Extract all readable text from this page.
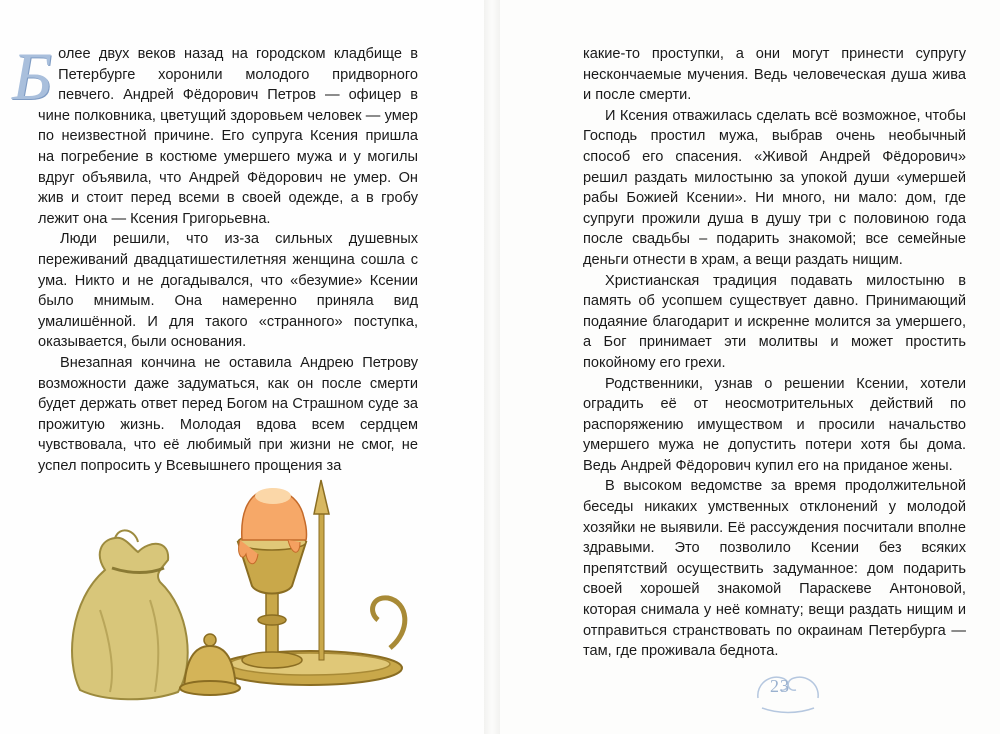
Более двух веков назад на городском кладбище в Петербурге хоронили молодого придворного певчего. Андрей Фёдорович Петров — офицер в чине полковника, цветущий здоровьем человек — умер по неизвестной причине. Его супруга Ксения пришла на погребение в костюме умершего мужа и у могилы вдруг объявила, что Андрей Фёдорович не умер. Он жив и стоит перед всеми в своей одежде, а в гробу лежит она — Ксения Григорьевна.

Люди решили, что из-за сильных душевных переживаний двадцатишестилетняя женщина сошла с ума. Никто и не догадывался, что «безумие» Ксении было мнимым. Она намеренно приняла вид умалишённой. И для такого «странного» поступка, оказывается, были основания.

Внезапная кончина не оставила Андрею Петрову возможности даже задуматься, как он после смерти будет держать ответ перед Богом на Страшном суде за прожитую жизнь. Молодая вдова всем сердцем чувствовала, что её любимый при жизни не смог, не успел попросить у Всевышнего прощения за

какие-то проступки, а они могут принести супругу нескончаемые мучения. Ведь человеческая душа жива и после смерти.

И Ксения отважилась сделать всё возможное, чтобы Господь простил мужа, выбрав очень необычный способ его спасения. «Живой Андрей Фёдорович» решил раздать милостыню за упокой души «умершей рабы Божией Ксении». Ни много, ни мало: дом, где супруги прожили душа в душу три с половиною года после свадьбы – подарить знакомой; все семейные деньги отнести в храм, а вещи раздать нищим.

Христианская традиция подавать милостыню в память об усопшем существует давно. Принимающий подаяние благодарит и искренне молится за умершего, а Бог принимает эти молитвы и может простить покойному его грехи.

Родственники, узнав о решении Ксении, хотели оградить её от неосмотрительных действий по распоряжению имуществом и просили начальство умершего мужа не допустить потери хотя бы дома. Ведь Андрей Фёдорович купил его на приданое жены.

В высоком ведомстве за время продолжительной беседы никаких умственных отклонений у молодой хозяйки не выявили. Её рассуждения посчитали вполне здравыми. Это позволило Ксении без всяких препятствий осуществить задуманное: дом подарить своей хорошей знакомой Параскеве Антоновой, которая снимала у неё комнату; вещи раздать нищим и отправиться странствовать по окраинам Петербурга — там, где проживала беднота.

23
